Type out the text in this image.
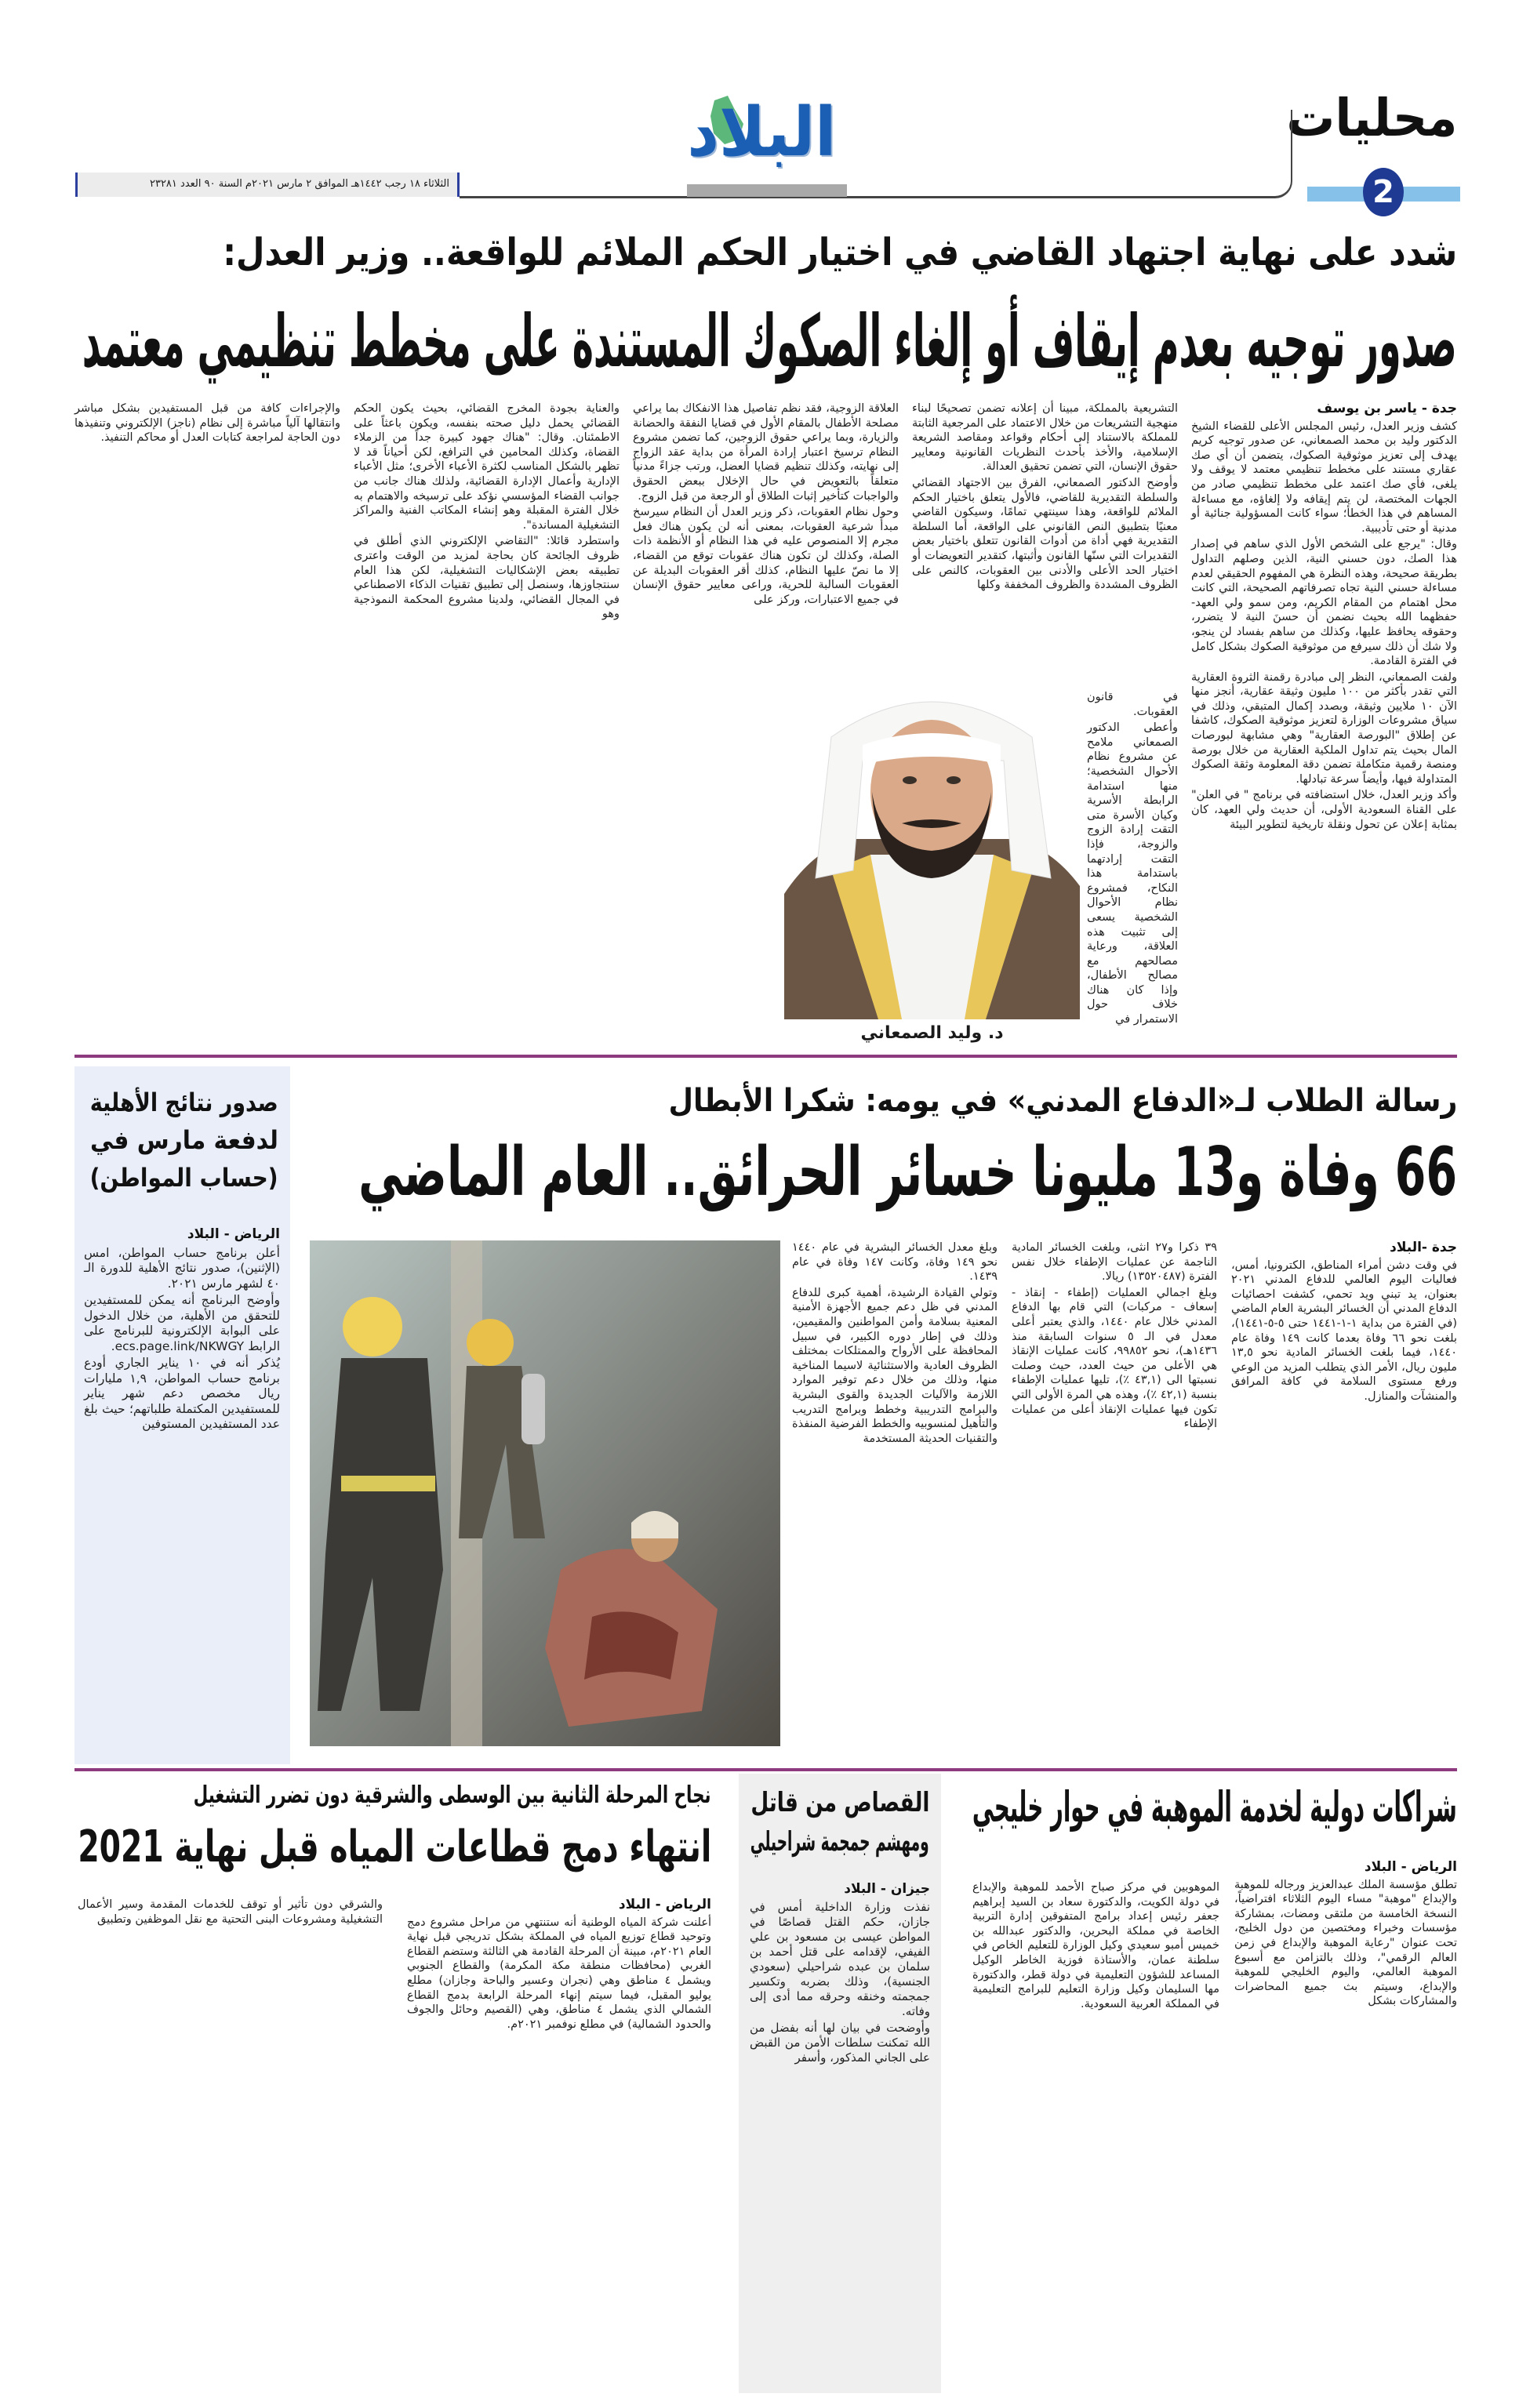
محليات
2
البلاد
الثلاثاء ١٨ رجب ١٤٤٢هـ الموافق ٢ مارس ٢٠٢١م السنة ٩٠ العدد ٢٣٢٨١
شدد على نهاية اجتهاد القاضي في اختيار الحكم الملائم للواقعة.. وزير العدل:
صدور توجيه بعدم إيقاف أو إلغاء الصكوك المستندة على مخطط تنظيمي معتمد
جدة - ياسر بن يوسف

كشف وزير العدل، رئيس المجلس الأعلى للقضاء الشيخ الدكتور وليد بن محمد الصمعاني، عن صدور توجيه كريم يهدف إلى تعزيز موثوقية الصكوك، يتضمن أن أي صك عقاري مستند على مخطط تنظيمي معتمد لا يوقف ولا يلغى، فأي صك اعتمد على مخطط تنظيمي صادر من الجهات المختصة، لن يتم إيقافه ولا إلغاؤه، مع مساءلة المساهم في هذا الخطأ؛ سواء كانت المسؤولية جنائية أو مدنية أو حتى تأديبية.

وقال: "يرجع على الشخص الأول الذي ساهم في إصدار هذا الصك، دون حسني النية، الذين وصلهم التداول بطريقة صحيحة، وهذه النظرة هي المفهوم الحقيقي لعدم مساءلة حسني النية تجاه تصرفاتهم الصحيحة، التي كانت محل اهتمام من المقام الكريم، ومن سمو ولي العهد- حفظهما الله بحيث نضمن أن حسنَ النية لا يتضرر، وحقوقه يحافظ عليها، وكذلك من ساهم بفساد لن ينجو، ولا شك أن ذلك سيرفع من موثوقية الصكوك بشكل كامل في الفترة القادمة.

ولفت الصمعاني، النظر إلى مبادرة رقمنة الثروة العقارية التي تقدر بأكثر من ١٠٠ مليون وثيقة عقارية، أنجز منها الآن ١٠ ملايين وثيقة، وبصدد إكمال المتبقي، وذلك في سياق مشروعات الوزارة لتعزيز موثوقية الصكوك، كاشفا عن إطلاق "البورصة العقارية" وهي مشابهة لبورصات المال بحيث يتم تداول الملكية العقارية من خلال بورصة ومنصة رقمية متكاملة تضمن دقة المعلومة وثقة الصكوك المتداولة فيها، وأيضاً سرعة تبادلها.

وأكد وزير العدل، خلال استضافته في برنامج " في العلن" على القناة السعودية الأولى، أن حديث ولي العهد، كان بمثابة إعلان عن تحول ونقلة تاريخية لتطوير البيئة

التشريعية بالمملكة، مبينا أن إعلانه تضمن تصحيحًا لبناء منهجية التشريعات من خلال الاعتماد على المرجعية الثابتة للمملكة بالاستناد إلى أحكام وقواعد ومقاصد الشريعة الإسلامية، والأخذ بأحدث النظريات القانونية ومعايير حقوق الإنسان، التي تضمن تحقيق العدالة.

وأوضح الدكتور الصمعاني، الفرق بين الاجتهاد القضائي والسلطة التقديرية للقاضي، فالأول يتعلق باختيار الحكم الملائم للواقعة، وهذا سينتهي تمامًا، وسيكون القاضي معنيًا بتطبيق النص القانوني على الواقعة، أما السلطة التقديرية فهي أداة من أدوات القانون تتعلق باختيار بعض التقديرات التي سنّها القانون وأثبتها، كتقدير التعويضات أو اختيار الحد الأعلى والأدنى بين العقوبات، كالنص على الظروف المشددة والظروف المخففة وكلها

في قانون العقوبات.

وأعطى الدكتور الصمعاني ملامح عن مشروع نظام الأحوال الشخصية؛ منها استدامة الرابطة الأسرية وكيان الأسرة متى التقت إرادة الزوج والزوجة، فإذا التقت إرادتهما باستدامة هذا النكاح، فمشروع نظام الأحوال الشخصية يسعى إلى تثبيت هذه العلاقة، ورعاية مصالحهم مع مصالح الأطفال، وإذا كان هناك خلاف حول الاستمرار في

العلاقة الزوجية، فقد نظم تفاصيل هذا الانفكاك بما يراعي مصلحة الأطفال بالمقام الأول في قضايا النفقة والحضانة والزيارة، وبما يراعي حقوق الزوجين، كما تضمن مشروع النظام ترسيخ اعتبار إرادة المرأة من بداية عقد الزواج إلى نهايته، وكذلك تنظيم قضايا العضل، ورتب جزاءً مدنياً متعلقاً بالتعويض في حال الإخلال ببعض الحقوق والواجبات كتأخير إثبات الطلاق أو الرجعة من قبل الزوج.

وحول نظام العقوبات، ذكر وزير العدل أن النظام سيرسخ مبدأ شرعية العقوبات، بمعنى أنه لن يكون هناك فعل مجرم إلا المنصوص عليه في هذا النظام أو الأنظمة ذات الصلة، وكذلك لن تكون هناك عقوبات توقع من القضاء، إلا ما نصّ عليها النظام، كذلك أقر العقوبات البديلة عن العقوبات السالبة للحرية، وراعى معايير حقوق الإنسان في جميع الاعتبارات، وركز على

والعناية بجودة المخرج القضائي، بحيث يكون الحكم القضائي يحمل دليل صحته بنفسه، ويكون باعثاً على الاطمئنان. وقال: "هناك جهود كبيرة جداً من الزملاء القضاة، وكذلك المحامين في الترافع، لكن أحياناً قد لا تظهر بالشكل المناسب لكثرة الأعباء الأخرى؛ مثل الأعباء الإدارية وأعمال الإدارة القضائية، ولذلك هناك جانب من جوانب القضاء المؤسسي نؤكد على ترسيخه والاهتمام به خلال الفترة المقبلة وهو إنشاء المكاتب الفنية والمراكز التشغيلية المساندة".

واستطرد قائلا: "التقاضي الإلكتروني الذي أطلق في ظروف الجائحة كان بحاجة لمزيد من الوقت واعترى تطبيقه بعض الإشكاليات التشغيلية، لكن هذا العام سنتجاوزها، وسنصل إلى تطبيق تقنيات الذكاء الاصطناعي في المجال القضائي، ولدينا مشروع المحكمة النموذجية وهو

والإجراءات كافة من قبل المستفيدين بشكل مباشر وانتقالها آلياً مباشرة إلى نظام (ناجز) الإلكتروني وتنفيذها دون الحاجة لمراجعة كتابات العدل أو محاكم التنفيذ.

د. وليد الصمعاني
صدور نتائج الأهلية
لدفعة مارس في
(حساب المواطن)
الرياض - البلاد

أعلن برنامج حساب المواطن، امس (الإثنين)، صدور نتائج الأهلية للدورة الـ ٤٠ لشهر مارس ٢٠٢١.

وأوضح البرنامج أنه يمكن للمستفيدين للتحقق من الأهلية، من خلال الدخول على البوابة الإلكترونية للبرنامج على الرابط ecs.page.link/NKWGY.

يُذكر أنه في ١٠ يناير الجاري أودع برنامج حساب المواطن، ١,٩ مليارات ريال مخصص دعم شهر يناير للمستفيدين المكتملة طلباتهم؛ حيث بلغ عدد المستفيدين المستوفين

رسالة الطلاب لـ«الدفاع المدني» في يومه: شكرا الأبطال
66 وفاة و13 مليونا خسائر الحرائق.. العام الماضي
جدة -البلاد

في وقت دشن أمراء المناطق، الكترونيا، أمس، فعاليات اليوم العالمي للدفاع المدني ٢٠٢١ بعنوان، يد تبني ويد تحمي، كشفت احصائيات الدفاع المدني أن الخسائر البشرية العام الماضي (في الفترة من بداية ١-١-١٤٤١ حتى ٥-٥-١٤٤١)، بلغت نحو ٦٦ وفاة بعدما كانت ١٤٩ وفاة عام ١٤٤٠، فيما بلغت الخسائر المادية نحو ١٣,٥ مليون ريال، الأمر الذي يتطلب المزيد من الوعي ورفع مستوى السلامة في كافة المرافق والمنشآت والمنازل.

٣٩ ذكرا و٢٧ انثى، وبلغت الخسائر المادية الناجمة عن عمليات الإطفاء خلال نفس الفترة (١٣٥٢٠٤٨٧) ريالا.

وبلغ اجمالي العمليات (إطفاء - إنقاذ - إسعاف - مركبات) التي قام بها الدفاع المدني خلال عام ١٤٤٠، والذي يعتبر أعلى معدل في الـ ٥ سنوات السابقة منذ ١٤٣٦هـ)، نحو ٩٩٨٥٢، كانت عمليات الإنقاذ هي الأعلى من حيث العدد، حيث وصلت نسبتها الى (٤٣,١ ٪)، تليها عمليات الإطفاء بنسبة (٤٢,١ ٪)، وهذه هي المرة الأولى التي تكون فيها عمليات الإنقاذ أعلى من عمليات الإطفاء

وبلغ معدل الخسائر البشرية في عام ١٤٤٠ نحو ١٤٩ وفاة، وكانت ١٤٧ وفاة في عام ١٤٣٩.

وتولي القيادة الرشيدة، أهمية كبرى للدفاع المدني في ظل دعم جميع الأجهزة الأمنية المعنية بسلامة وأمن المواطنين والمقيمين، وذلك في إطار دوره الكبير، في سبيل المحافظة على الأرواح والممتلكات بمختلف الظروف العادية والاستثنائية لاسيما المناخية منها، وذلك من خلال دعم توفير الموارد اللازمة والآليات الجديدة والقوى البشرية والبرامج التدريبية وخطط وبرامج التدريب والتأهيل لمنسوبيه والخطط الفرضية المنفذة والتقنيات الحديثة المستخدمة

شراكات دولية لخدمة الموهبة في حوار خليجي
الرياض - البلاد

تطلق مؤسسة الملك عبدالعزيز ورجاله للموهبة والإبداع "موهبة" مساء اليوم الثلاثاء افتراضياً، النسخة الخامسة من ملتقى ومضات، بمشاركة مؤسسات وخبراء ومختصين من دول الخليج، تحت عنوان "رعاية الموهبة والإبداع في زمن العالم الرقمي"، وذلك بالتزامن مع أسبوع الموهبة العالمي، واليوم الخليجي للموهبة والإبداع، وسيتم بث جميع المحاضرات والمشاركات بشكل

الموهوبين في مركز صباح الأحمد للموهبة والإبداع في دولة الكويت، والدكتورة سعاد بن السيد إبراهيم جعفر رئيس إعداد برامج المتفوقين إدارة التربية الخاصة في مملكة البحرين، والدكتور عبدالله بن خميس أمبو سعيدي وكيل الوزارة للتعليم الخاص في سلطنة عمان، والأستاذة فوزية الخاطر الوكيل المساعد للشؤون التعليمية في دولة قطر، والدكتورة مها السليمان وكيل وزارة التعليم للبرامج التعليمية في المملكة العربية السعودية.

القصاص من قاتل
ومهشم جمجمة شراحيلي
جيزان - البلاد

نفذت وزارة الداخلية أمس في جازان، حكم القتل قصاصًا في المواطن عيسى بن مسعود بن علي الفيفي، لإقدامه على قتل أحمد بن سلمان بن عبده شراحيلي (سعودي الجنسية)، وذلك بضربه وتكسير جمجمته وخنقه وحرقه مما أدى إلى وفاته.

وأوضحت في بيان لها أنه بفضل من الله تمكنت سلطات الأمن من القبض على الجاني المذكور، وأسفر

نجاح المرحلة الثانية بين الوسطى والشرقية دون تضرر التشغيل
انتهاء دمج قطاعات المياه قبل نهاية 2021
الرياض - البلاد

أعلنت شركة المياه الوطنية أنه ستنتهي من مراحل مشروع دمج وتوحيد قطاع توزيع المياه في المملكة بشكل تدريجي قبل نهاية العام ٢٠٢١م، مبينة أن المرحلة القادمة هي الثالثة وستضم القطاع الغربي (محافظات منطقة مكة المكرمة) والقطاع الجنوبي ويشمل ٤ مناطق وهي (نجران وعسير والباحة وجازان) مطلع يوليو المقبل، فيما سيتم إنهاء المرحلة الرابعة بدمج القطاع الشمالي الذي يشمل ٤ مناطق، وهي (القصيم وحائل والجوف والحدود الشمالية) في مطلع نوفمبر ٢٠٢١م.

والشرقي دون تأثير أو توقف للخدمات المقدمة وسير الأعمال التشغيلية ومشروعات البنى التحتية مع نقل الموظفين وتطبيق
